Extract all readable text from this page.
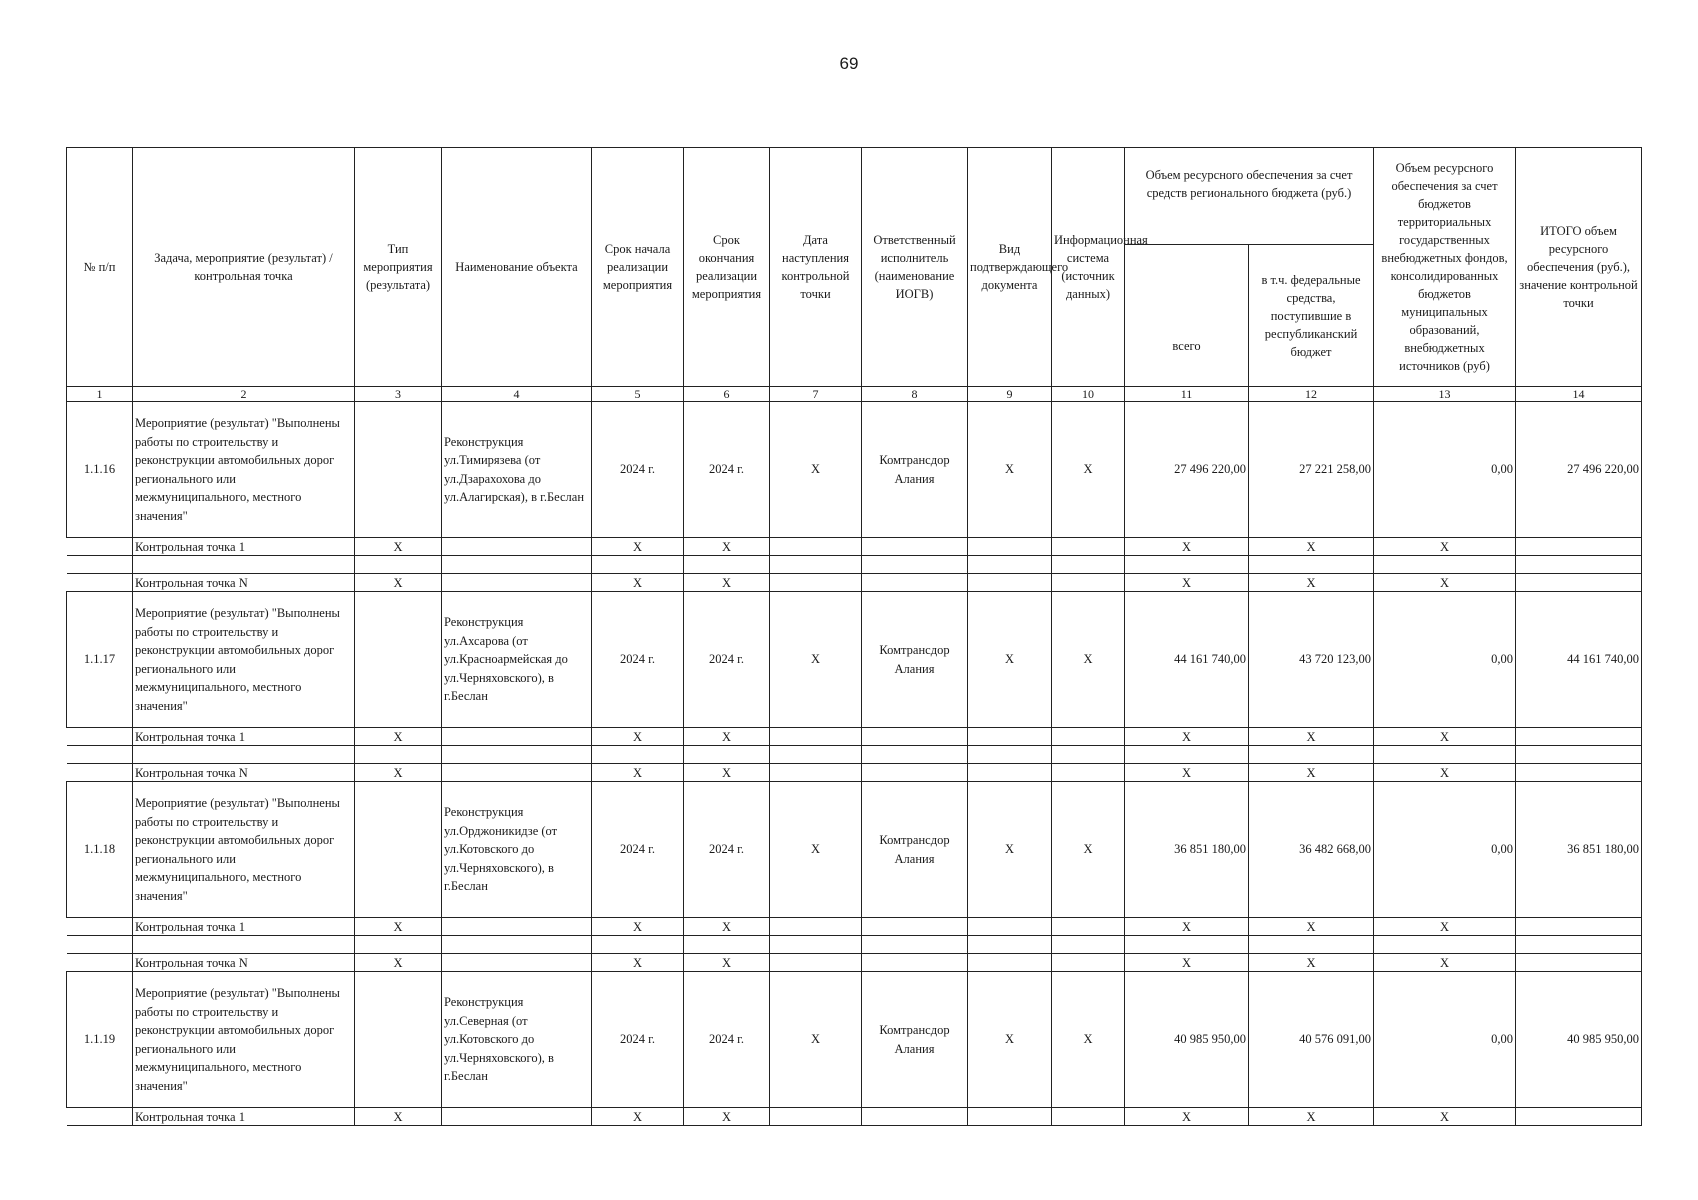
69
№ п/п	Задача, мероприятие (результат) / контрольная точка	Тип мероприятия (результата)	Наименование объекта	Срок начала реализации мероприятия	Срок окончания реализации мероприятия	Дата наступления контрольной точки	Ответственный исполнитель (наименование ИОГВ)	Вид подтверждающего документа	Информационная система (источник данных)	Объем ресурсного обеспечения за счет средств регионального бюджета (руб.)		Объем ресурсного обеспечения за счет бюджетов территориальных государственных внебюджетных фондов, консолидированных бюджетов муниципальных образований, внебюджетных источников (руб)	ИТОГО объем ресурсного обеспечения (руб.), значение контрольной точки
										всего	в т.ч. федеральные средства, поступившие в республиканский бюджет		
1	2	3	4	5	6	7	8	9	10	11	12	13	14
1.1.16	Мероприятие (результат) "Выполнены работы по строительству и реконструкции автомобильных дорог регионального или межмуниципального, местного значения"		Реконструкция ул.Тимирязева (от ул.Дзарахохова до ул.Алагирская), в г.Беслан	2024 г.	2024 г.	X	Комтрансдор Алания	X	X	27 496 220,00	27 221 258,00	0,00	27 496 220,00
	Контрольная точка 1	X		X	X					X	X	X	

	Контрольная точка N	X		X	X					X	X	X	
1.1.17	Мероприятие (результат) "Выполнены работы по строительству и реконструкции автомобильных дорог регионального или межмуниципального, местного значения"		Реконструкция ул.Ахсарова (от ул.Красноармейская до ул.Черняховского), в г.Беслан	2024 г.	2024 г.	X	Комтрансдор Алания	X	X	44 161 740,00	43 720 123,00	0,00	44 161 740,00
	Контрольная точка 1	X		X	X					X	X	X	

	Контрольная точка N	X		X	X					X	X	X	
1.1.18	Мероприятие (результат) "Выполнены работы по строительству и реконструкции автомобильных дорог регионального или межмуниципального, местного значения"		Реконструкция ул.Орджоникидзе (от ул.Котовского до ул.Черняховского), в г.Беслан	2024 г.	2024 г.	X	Комтрансдор Алания	X	X	36 851 180,00	36 482 668,00	0,00	36 851 180,00
	Контрольная точка 1	X		X	X					X	X	X	

	Контрольная точка N	X		X	X					X	X	X	
1.1.19	Мероприятие (результат) "Выполнены работы по строительству и реконструкции автомобильных дорог регионального или межмуниципального, местного значения"		Реконструкция ул.Северная (от ул.Котовского до ул.Черняховского), в г.Беслан	2024 г.	2024 г.	X	Комтрансдор Алания	X	X	40 985 950,00	40 576 091,00	0,00	40 985 950,00
	Контрольная точка 1	X		X	X					X	X	X	
